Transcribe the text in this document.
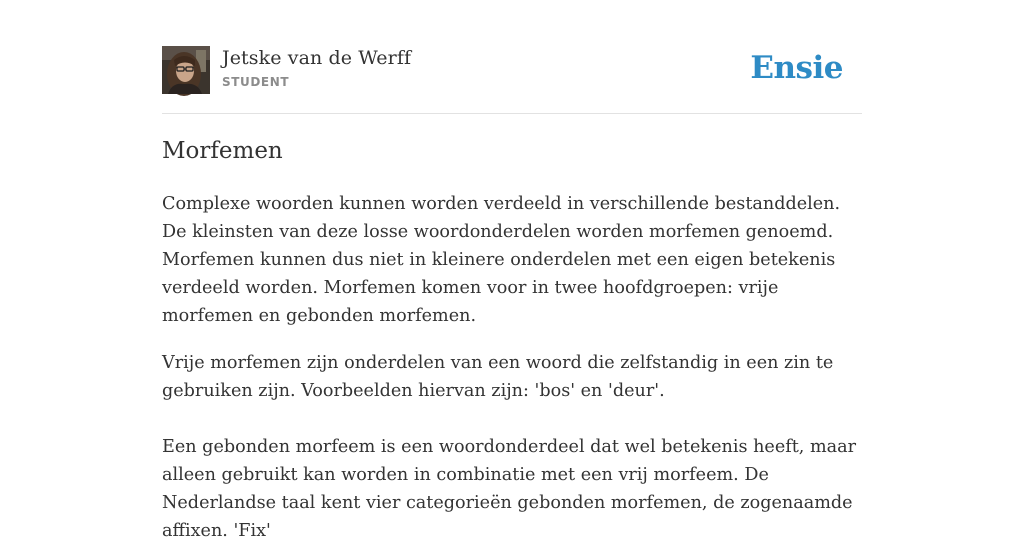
Jetske van de Werff
STUDENT	Ensie
Morfemen

Complexe woorden kunnen worden verdeeld in verschillende bestanddelen. De kleinsten van deze losse woordonderdelen worden morfemen genoemd. Morfemen kunnen dus niet in kleinere onderdelen met een eigen betekenis verdeeld worden. Morfemen komen voor in twee hoofdgroepen: vrije morfemen en gebonden morfemen.

Vrije morfemen zijn onderdelen van een woord die zelfstandig in een zin te gebruiken zijn. Voorbeelden hiervan zijn: 'bos' en 'deur'.

Een gebonden morfeem is een woordonderdeel dat wel betekenis heeft, maar alleen gebruikt kan worden in combinatie met een vrij morfeem. De Nederlandse taal kent vier categorieën gebonden morfemen, de zogenaamde affixen. 'Fix'
